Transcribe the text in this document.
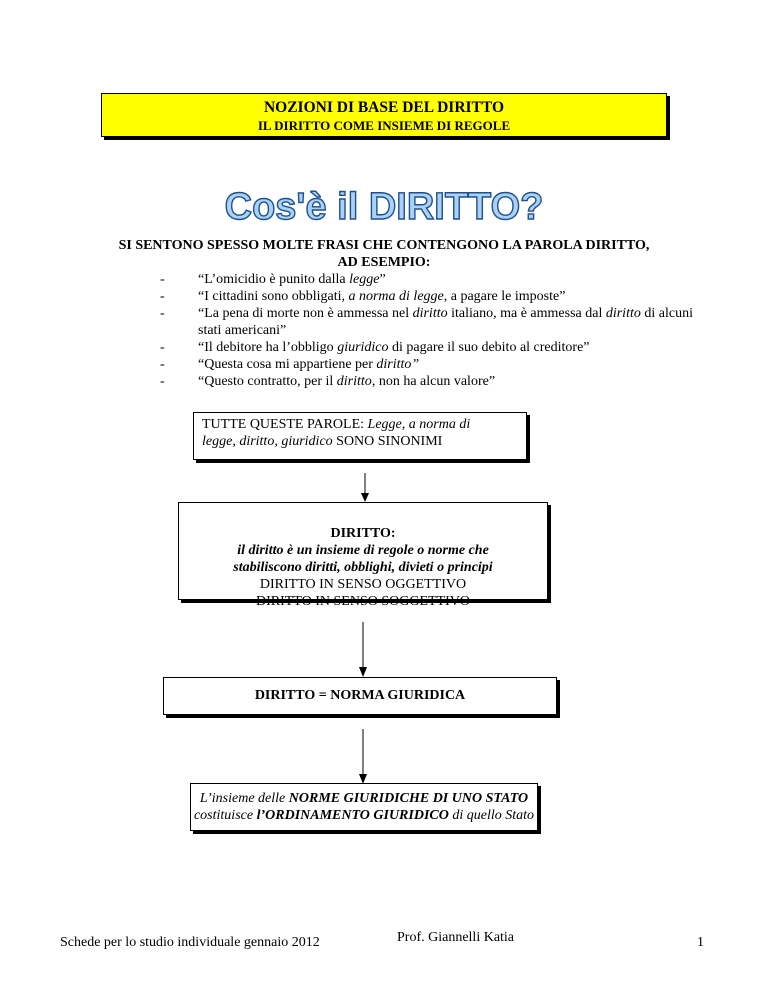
NOZIONI DI BASE DEL DIRITTO
IL DIRITTO COME INSIEME DI REGOLE
Cos'è il DIRITTO?
SI SENTONO SPESSO MOLTE FRASI CHE CONTENGONO LA PAROLA DIRITTO,
AD ESEMPIO:
- “L’omicidio è punito dalla legge”
- “I cittadini sono obbligati, a norma di legge, a pagare le imposte”
- “La pena di morte non è ammessa nel diritto italiano, ma è ammessa dal diritto di alcuni stati americani”
- “Il debitore ha l’obbligo giuridico di pagare il suo debito al creditore”
- “Questa cosa mi appartiene per diritto”
- “Questo contratto, per il diritto, non ha alcun valore”
TUTTE QUESTE PAROLE: Legge, a norma di
legge, diritto, giuridico SONO SINONIMI
DIRITTO:
il diritto è un insieme di regole o norme che
stabiliscono diritti, obblighi, divieti o principi
DIRITTO IN SENSO OGGETTIVO
DIRITTO IN SENSO SOGGETTIVO
DIRITTO = NORMA GIURIDICA
L’insieme delle NORME GIURIDICHE DI UNO STATO
costituisce l’ORDINAMENTO GIURIDICO di quello Stato
Schede per lo studio individuale gennaio 2012	Prof. Giannelli Katia	1
